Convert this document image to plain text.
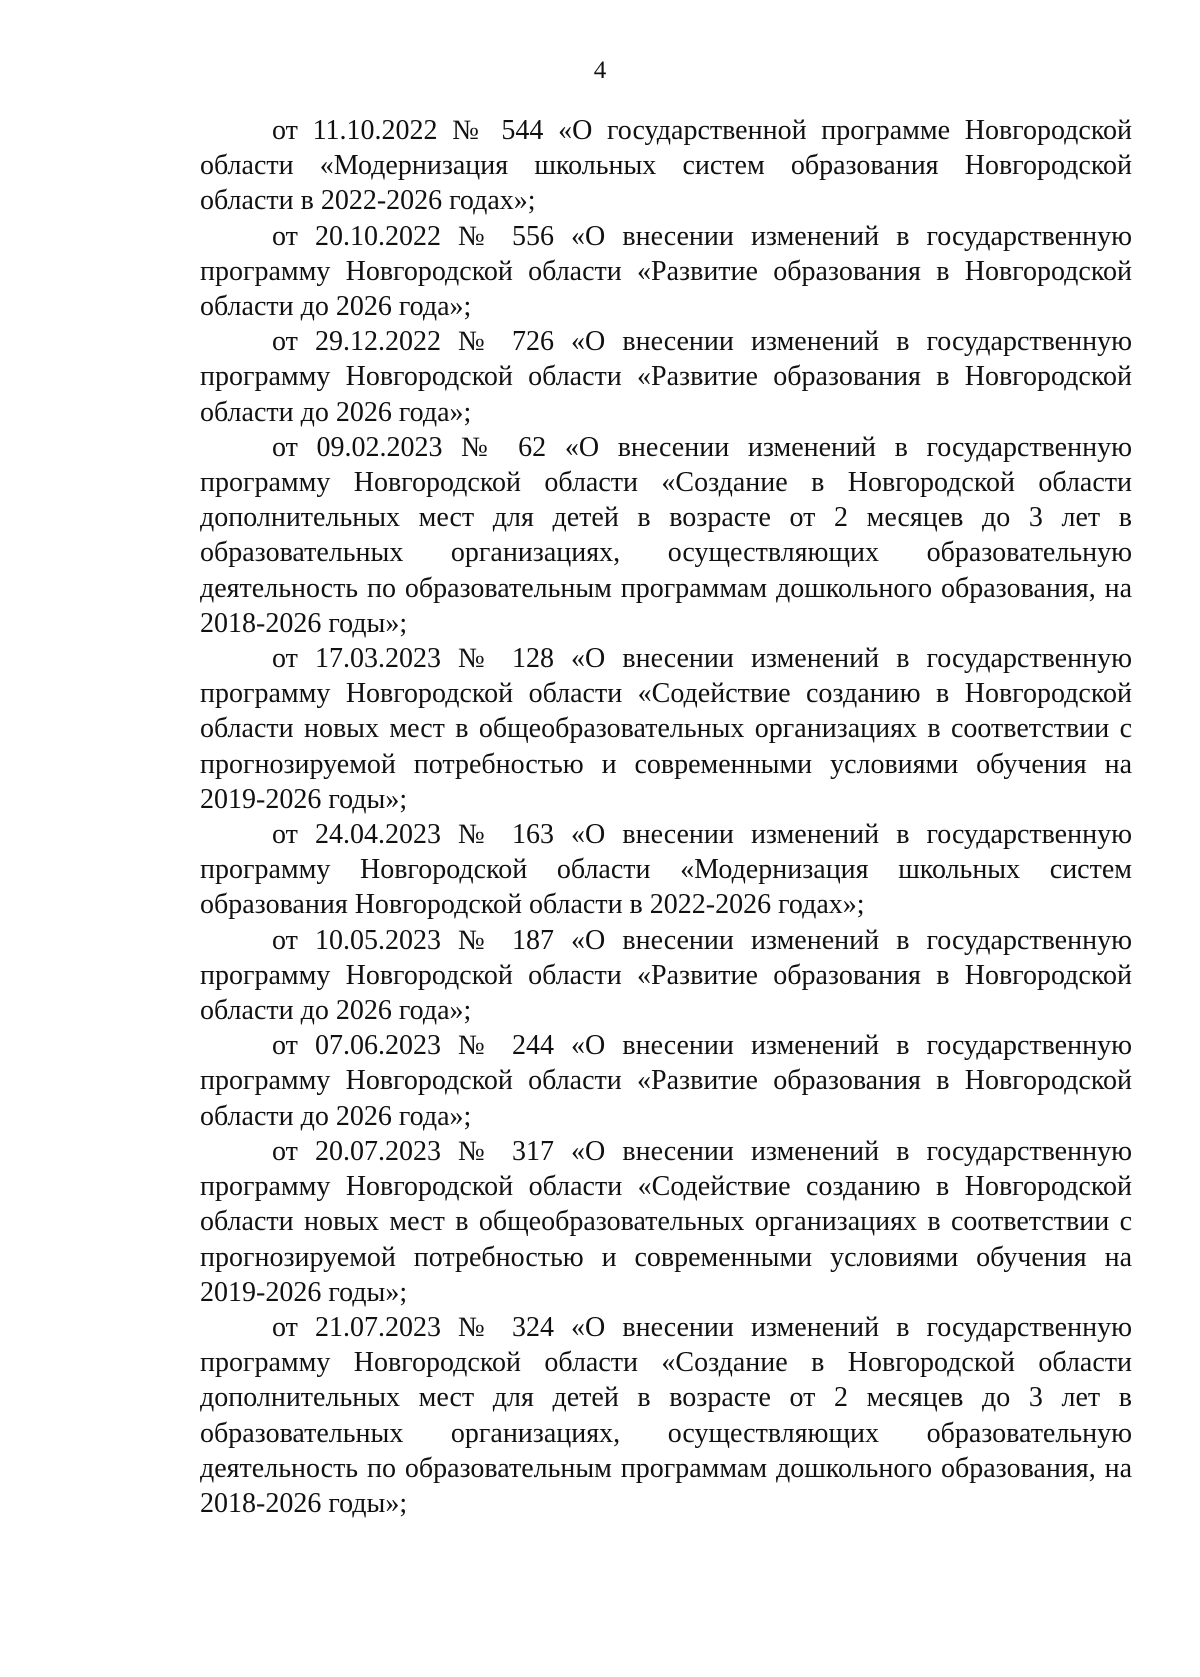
4

от 11.10.2022 № 544 «О государственной программе Новгородской области «Модернизация школьных систем образования Новгородской области в 2022-2026 годах»;

от 20.10.2022 № 556 «О внесении изменений в государственную программу Новгородской области «Развитие образования в Новгородской области до 2026 года»;

от 29.12.2022 № 726 «О внесении изменений в государственную программу Новгородской области «Развитие образования в Новгородской области до 2026 года»;

от 09.02.2023 № 62 «О внесении изменений в государственную программу Новгородской области «Создание в Новгородской области дополнительных мест для детей в возрасте от 2 месяцев до 3 лет в образовательных организациях, осуществляющих образовательную деятельность по образовательным программам дошкольного образования, на 2018-2026 годы»;

от 17.03.2023 № 128 «О внесении изменений в государственную программу Новгородской области «Содействие созданию в Новгородской области новых мест в общеобразовательных организациях в соответствии с прогнозируемой потребностью и современными условиями обучения на 2019-2026 годы»;

от 24.04.2023 № 163 «О внесении изменений в государственную программу Новгородской области «Модернизация школьных систем образования Новгородской области в 2022-2026 годах»;

от 10.05.2023 № 187 «О внесении изменений в государственную программу Новгородской области «Развитие образования в Новгородской области до 2026 года»;

от 07.06.2023 № 244 «О внесении изменений в государственную программу Новгородской области «Развитие образования в Новгородской области до 2026 года»;

от 20.07.2023 № 317 «О внесении изменений в государственную программу Новгородской области «Содействие созданию в Новгородской области новых мест в общеобразовательных организациях в соответствии с прогнозируемой потребностью и современными условиями обучения на 2019-2026 годы»;

от 21.07.2023 № 324 «О внесении изменений в государственную программу Новгородской области «Создание в Новгородской области дополнительных мест для детей в возрасте от 2 месяцев до 3 лет в образовательных организациях, осуществляющих образовательную деятельность по образовательным программам дошкольного образования, на 2018-2026 годы»;
